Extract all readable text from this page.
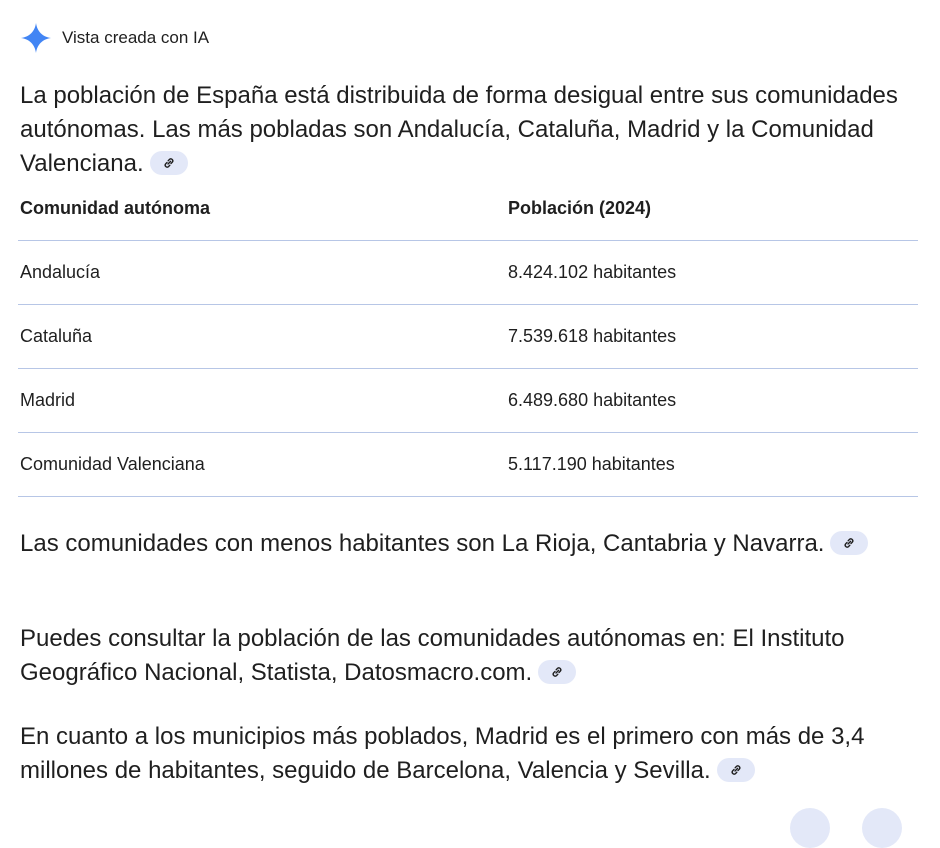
Vista creada con IA

La población de España está distribuida de forma desigual entre sus comunidades autónomas. Las más pobladas son Andalucía, Cataluña, Madrid y la Comunidad Valenciana.

Comunidad autónoma	Población (2024)
Andalucía	8.424.102 habitantes
Cataluña	7.539.618 habitantes
Madrid	6.489.680 habitantes
Comunidad Valenciana	5.117.190 habitantes

Las comunidades con menos habitantes son La Rioja, Cantabria y Navarra.

Puedes consultar la población de las comunidades autónomas en: El Instituto Geográfico Nacional, Statista, Datosmacro.com.

En cuanto a los municipios más poblados, Madrid es el primero con más de 3,4 millones de habitantes, seguido de Barcelona, Valencia y Sevilla.
